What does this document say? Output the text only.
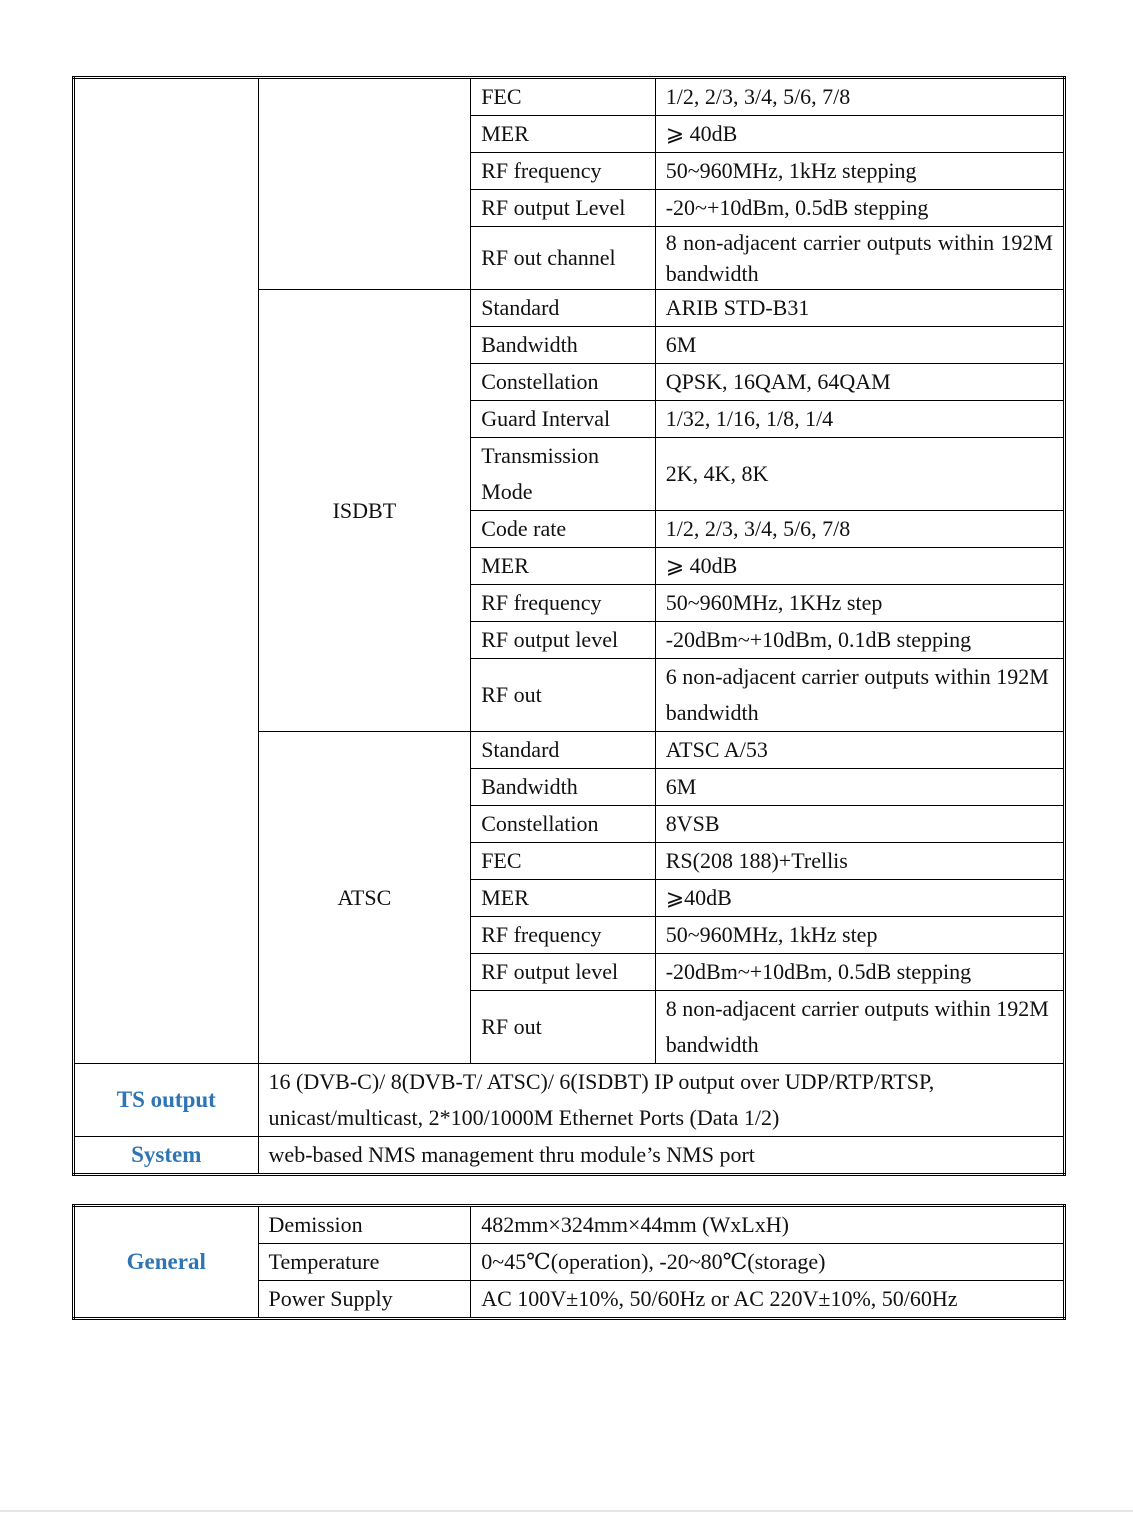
		FEC	1/2, 2/3, 3/4, 5/6, 7/8
		MER	⩾ 40dB
		RF frequency	50~960MHz, 1kHz stepping
		RF output Level	-20~+10dBm, 0.5dB stepping
		RF out channel	8 non-adjacent carrier outputs within 192M bandwidth
	ISDBT	Standard	ARIB STD-B31
		Bandwidth	6M
		Constellation	QPSK, 16QAM, 64QAM
		Guard Interval	1/32, 1/16, 1/8, 1/4
		Transmission Mode	2K, 4K, 8K
		Code rate	1/2, 2/3, 3/4, 5/6, 7/8
		MER	⩾ 40dB
		RF frequency	50~960MHz, 1KHz step
		RF output level	-20dBm~+10dBm, 0.1dB stepping
		RF out	6 non-adjacent carrier outputs within 192M bandwidth
	ATSC	Standard	ATSC A/53
		Bandwidth	6M
		Constellation	8VSB
		FEC	RS(208 188)+Trellis
		MER	⩾40dB
		RF frequency	50~960MHz, 1kHz step
		RF output level	-20dBm~+10dBm, 0.5dB stepping
		RF out	8 non-adjacent carrier outputs within 192M bandwidth
TS output	16 (DVB-C)/ 8(DVB-T/ ATSC)/ 6(ISDBT) IP output over UDP/RTP/RTSP, unicast/multicast, 2*100/1000M Ethernet Ports (Data 1/2)		
System	web-based NMS management thru module’s NMS port		
General	Demission	482mm×324mm×44mm (WxLxH)
	Temperature	0~45℃(operation), -20~80℃(storage)
	Power Supply	AC 100V±10%, 50/60Hz or AC 220V±10%, 50/60Hz
